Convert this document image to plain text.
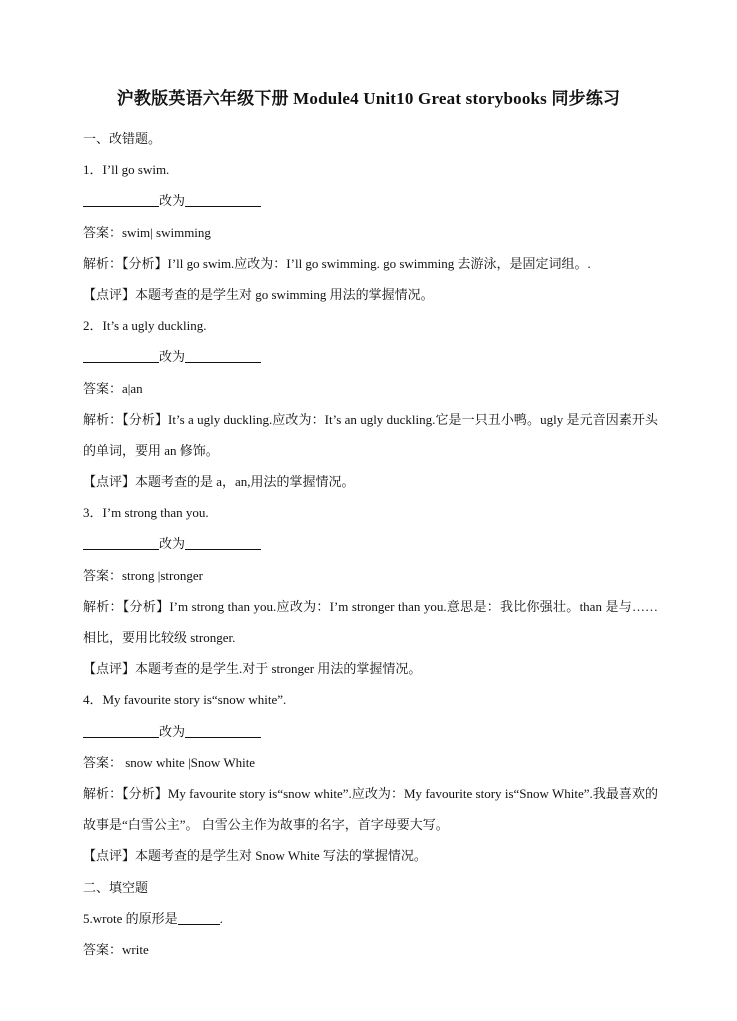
沪教版英语六年级下册 Module4 Unit10 Great storybooks 同步练习
一、改错题。
1．I’ll go swim.
改为
答案：swim| swimming
解析：【分析】I’ll go swim.应改为：I’ll go swimming. go swimming 去游泳，是固定词组。.
【点评】本题考查的是学生对 go swimming 用法的掌握情况。
2．It’s a ugly duckling.
改为
答案：a|an
解析：【分析】It’s a ugly duckling.应改为：It’s an ugly duckling.它是一只丑小鸭。ugly 是元音因素开头的单词，要用 an 修饰。
【点评】本题考查的是 a，an,用法的掌握情况。
3．I’m strong than you.
改为
答案：strong |stronger
解析：【分析】I’m strong than you.应改为：I’m stronger than you.意思是：我比你强壮。than 是与……相比，要用比较级 stronger.
【点评】本题考查的是学生.对于 stronger 用法的掌握情况。
4．My favourite story is“snow white”.
改为
答案： snow white |Snow White
解析：【分析】My favourite story is“snow white”.应改为：My favourite story is“Snow White”.我最喜欢的故事是“白雪公主”。 白雪公主作为故事的名字，首字母要大写。
【点评】本题考查的是学生对 Snow White 写法的掌握情况。
二、填空题
5.wrote 的原形是	.
答案：write
